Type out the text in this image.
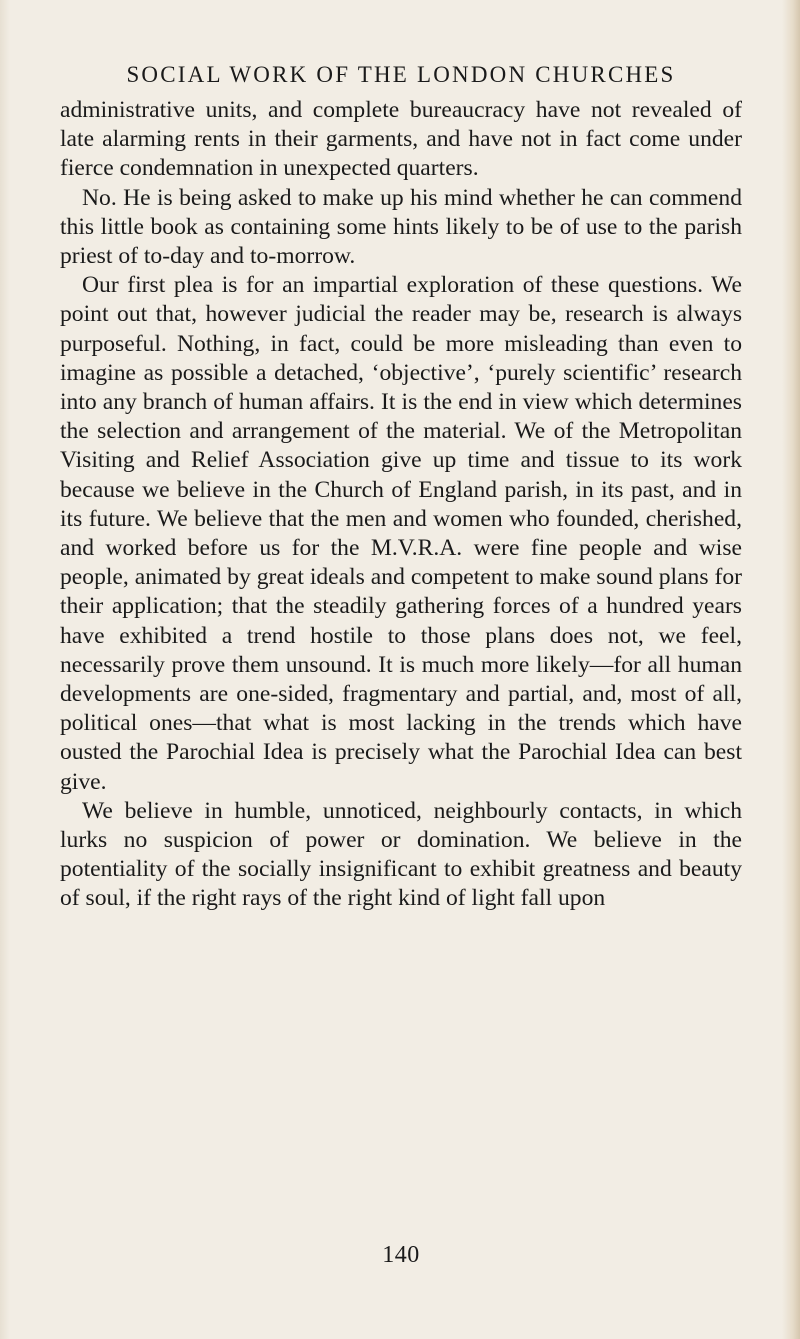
SOCIAL WORK OF THE LONDON CHURCHES

administrative units, and complete bureaucracy have not revealed of late alarming rents in their garments, and have not in fact come under fierce condemnation in unexpected quarters.

No. He is being asked to make up his mind whether he can commend this little book as containing some hints likely to be of use to the parish priest of to-day and to-morrow.

Our first plea is for an impartial exploration of these questions. We point out that, however judicial the reader may be, research is always purposeful. Nothing, in fact, could be more misleading than even to imagine as possible a detached, ‘objective’, ‘purely scientific’ research into any branch of human affairs. It is the end in view which determines the selection and arrangement of the material. We of the Metropolitan Visiting and Relief Association give up time and tissue to its work because we believe in the Church of England parish, in its past, and in its future. We believe that the men and women who founded, cherished, and worked before us for the M.V.R.A. were fine people and wise people, animated by great ideals and competent to make sound plans for their application; that the steadily gathering forces of a hundred years have exhibited a trend hostile to those plans does not, we feel, necessarily prove them unsound. It is much more likely—for all human developments are one-sided, fragmentary and partial, and, most of all, political ones—that what is most lacking in the trends which have ousted the Parochial Idea is precisely what the Parochial Idea can best give.

We believe in humble, unnoticed, neighbourly contacts, in which lurks no suspicion of power or domination. We believe in the potentiality of the socially insignificant to exhibit greatness and beauty of soul, if the right rays of the right kind of light fall upon

140
